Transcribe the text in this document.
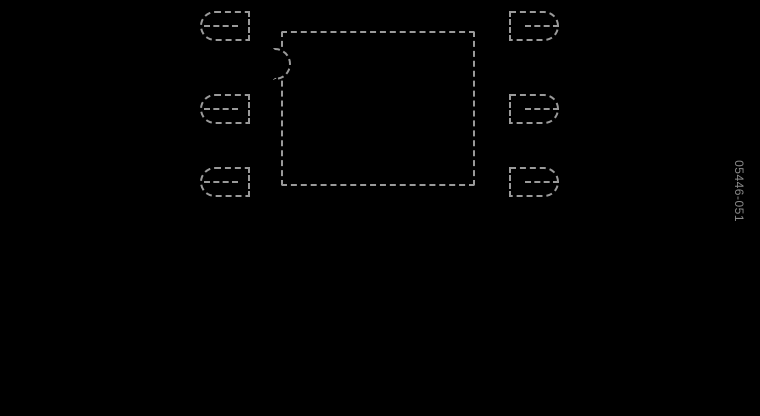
05446-051
